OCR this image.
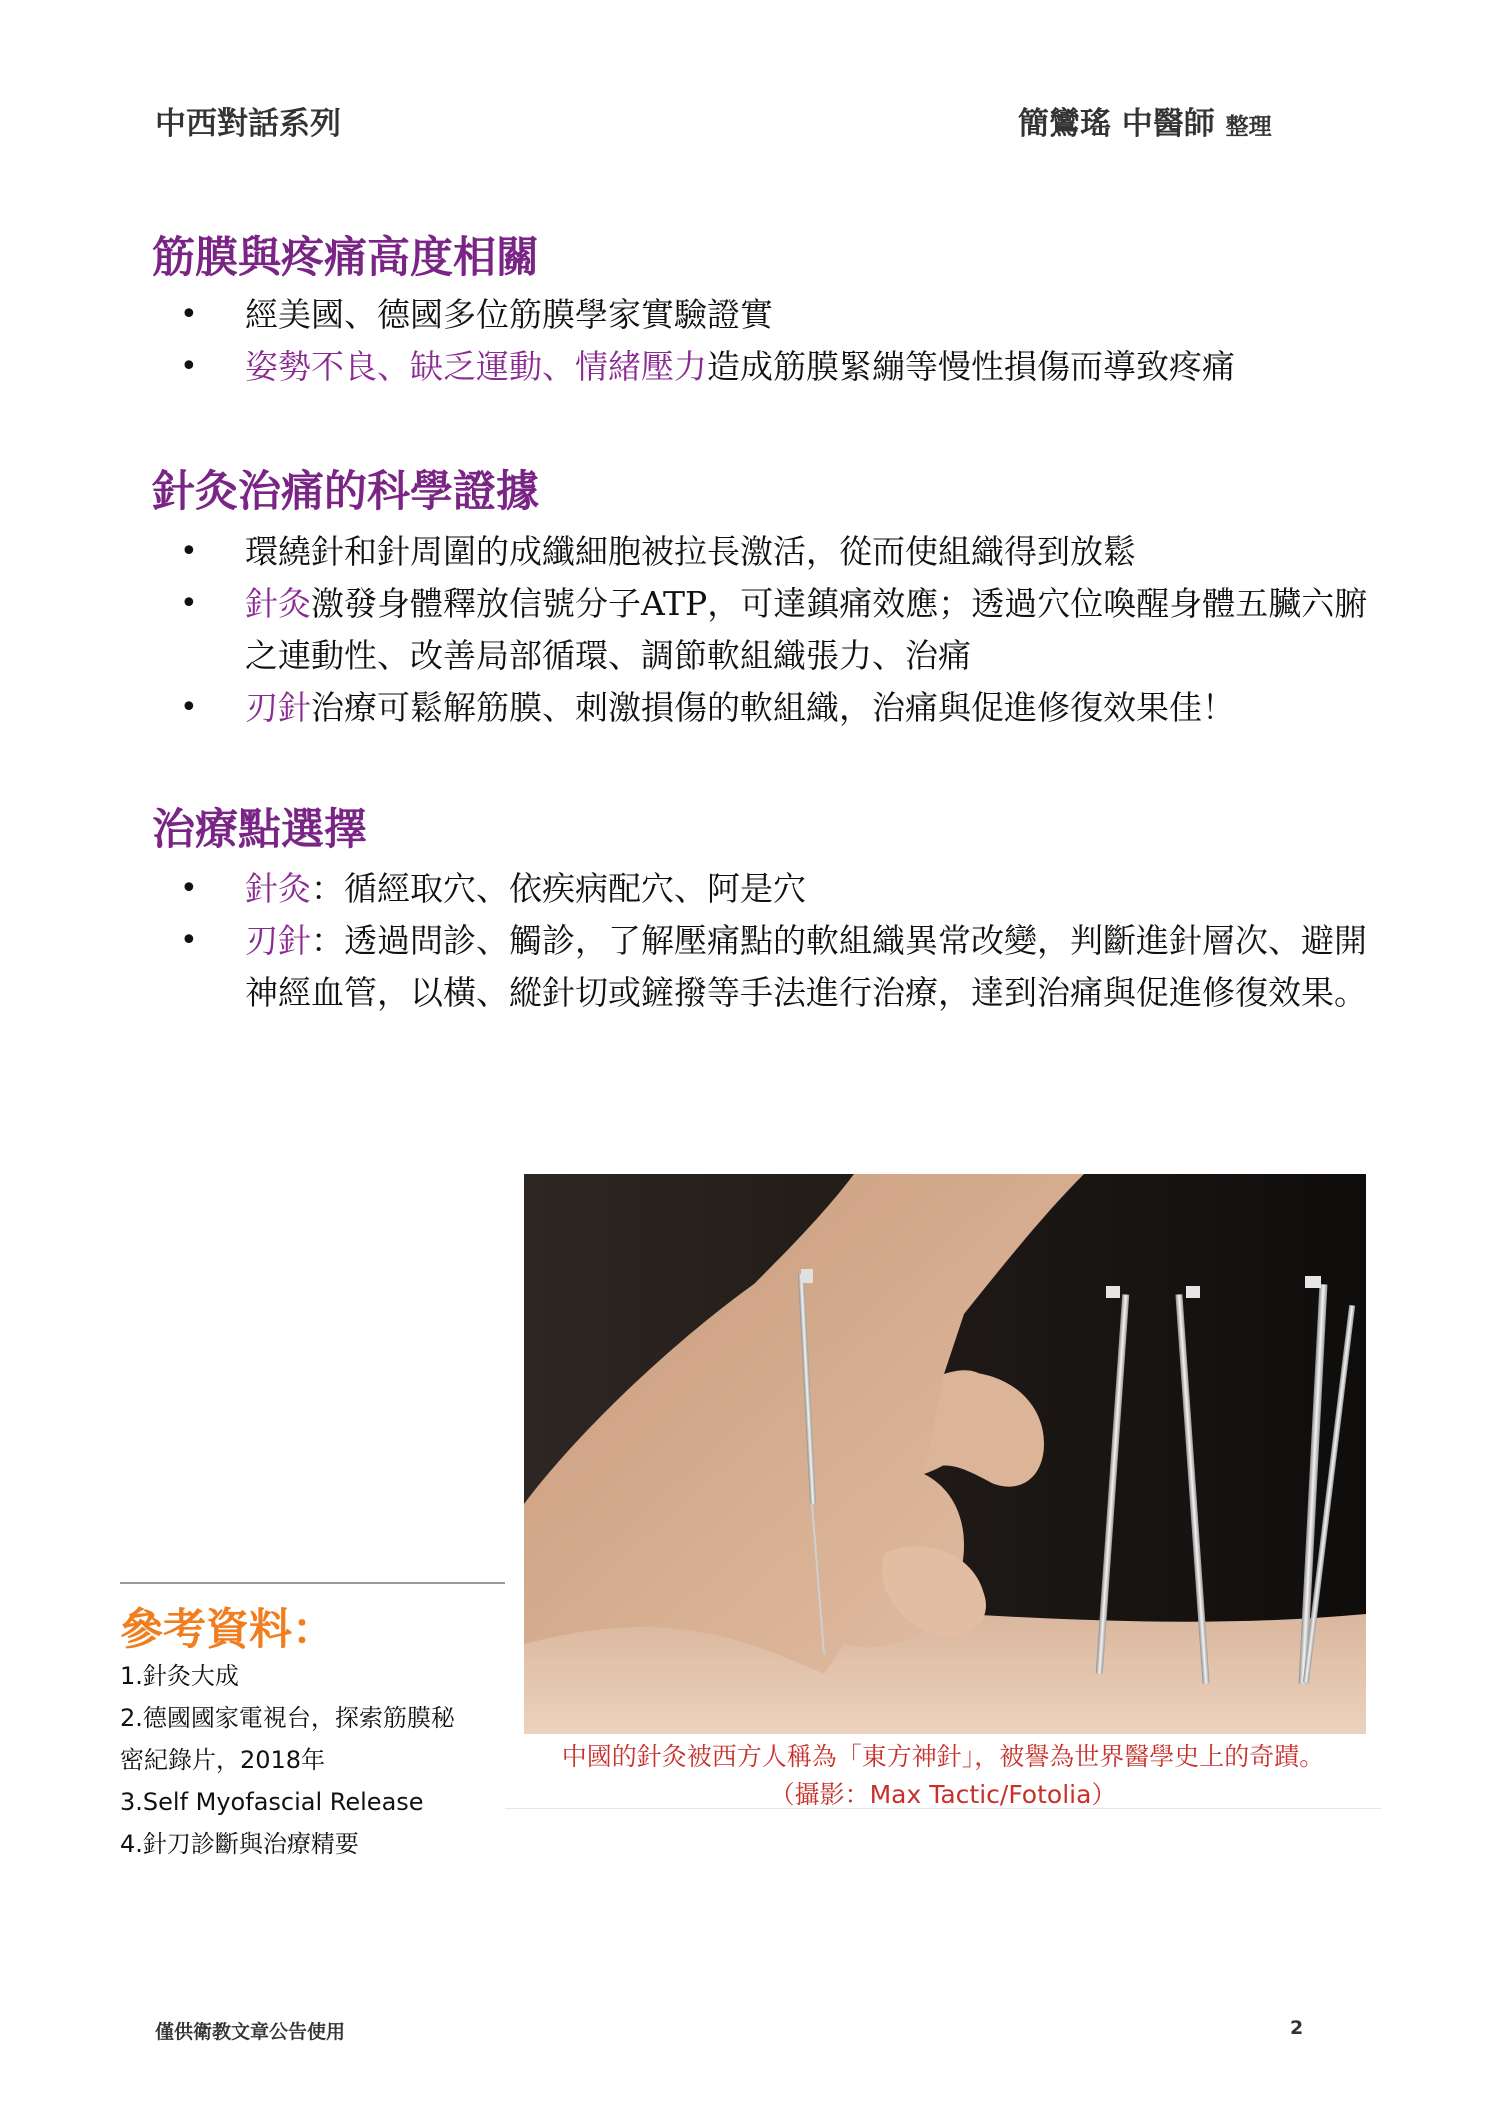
中西對話系列	簡鸞瑤 中醫師 整理
筋膜與疼痛高度相關
• 經美國、德國多位筋膜學家實驗證實
• 姿勢不良、缺乏運動、情緒壓力造成筋膜緊繃等慢性損傷而導致疼痛
針灸治痛的科學證據
• 環繞針和針周圍的成纖細胞被拉長激活，從而使組織得到放鬆
• 針灸激發身體釋放信號分子ATP，可達鎮痛效應；透過穴位喚醒身體五臟六腑之連動性、改善局部循環、調節軟組織張力、治痛
• 刃針治療可鬆解筋膜、刺激損傷的軟組織，治痛與促進修復效果佳！
治療點選擇
• 針灸：循經取穴、依疾病配穴、阿是穴
• 刃針：透過問診、觸診，了解壓痛點的軟組織異常改變，判斷進針層次、避開神經血管，以橫、縱針切或鏟撥等手法進行治療，達到治痛與促進修復效果。
中國的針灸被西方人稱為「東方神針」，被譽為世界醫學史上的奇蹟。
（攝影：Max Tactic/Fotolia）
參考資料：
1.針灸大成
2.德國國家電視台，探索筋膜秘
密紀錄片，2018年
3.Self Myofascial Release
4.針刀診斷與治療精要
僅供衛教文章公告使用	2
